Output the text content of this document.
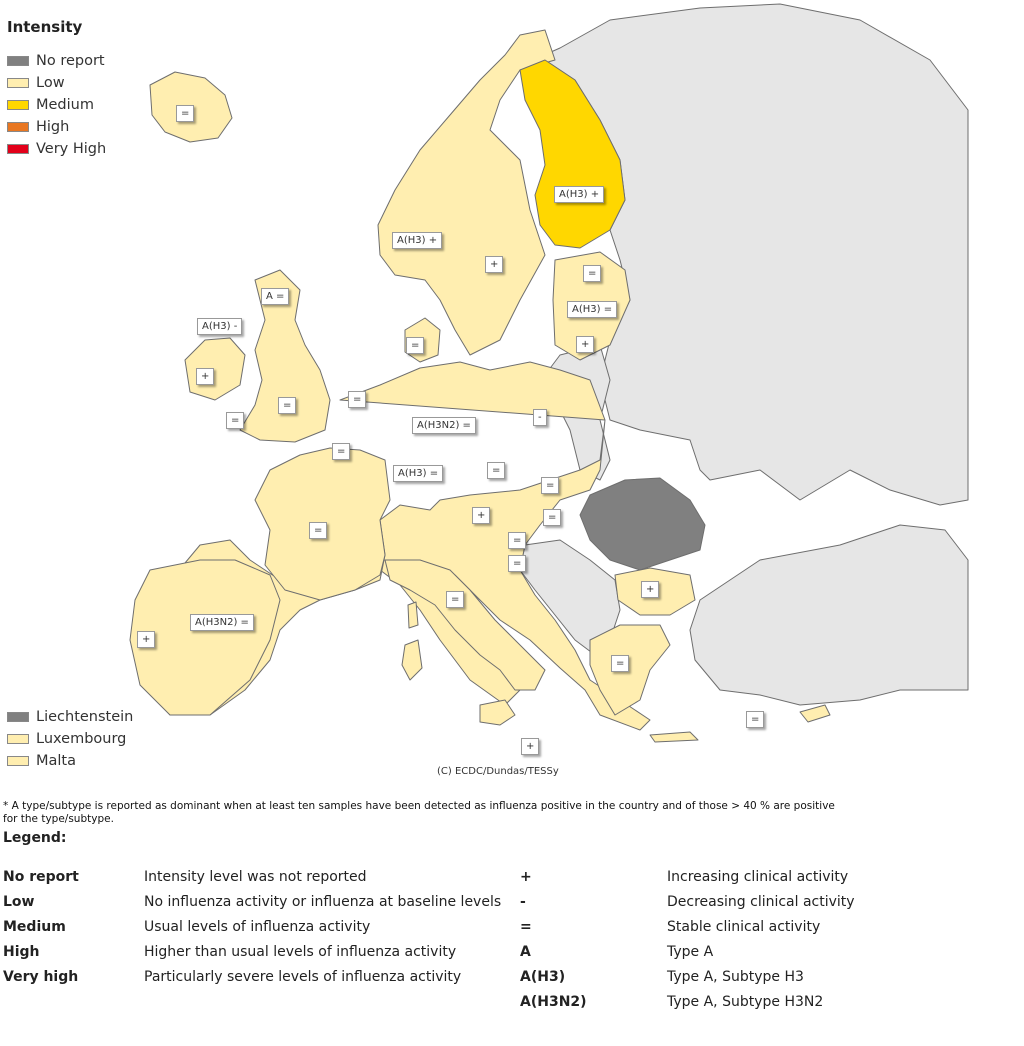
Intensity
No report
Low
Medium
High
Very High
Liechtenstein
Luxembourg
Malta
=
A(H3) +
A(H3) +
+
=
A(H3) =
+
A =
A(H3) -
+
=
=
=
=
=
A(H3N2) =
A(H3) =
-
=
=
+	=
=
=
=
=
A(H3N2) =
+
+
=
=
+
(C) ECDC/Dundas/TESSy
* A type/subtype is reported as dominant when at least ten samples have been detected as influenza positive in the country and of those > 40 % are positive for the type/subtype.
Legend:
No report	Intensity level was not reported	+	Increasing clinical activity
Low	No influenza activity or influenza at baseline levels	-	Decreasing clinical activity
Medium	Usual levels of influenza activity	=	Stable clinical activity
High	Higher than usual levels of influenza activity	A	Type A
Very high	Particularly severe levels of influenza activity	A(H3)	Type A, Subtype H3
		A(H3N2)	Type A, Subtype H3N2
